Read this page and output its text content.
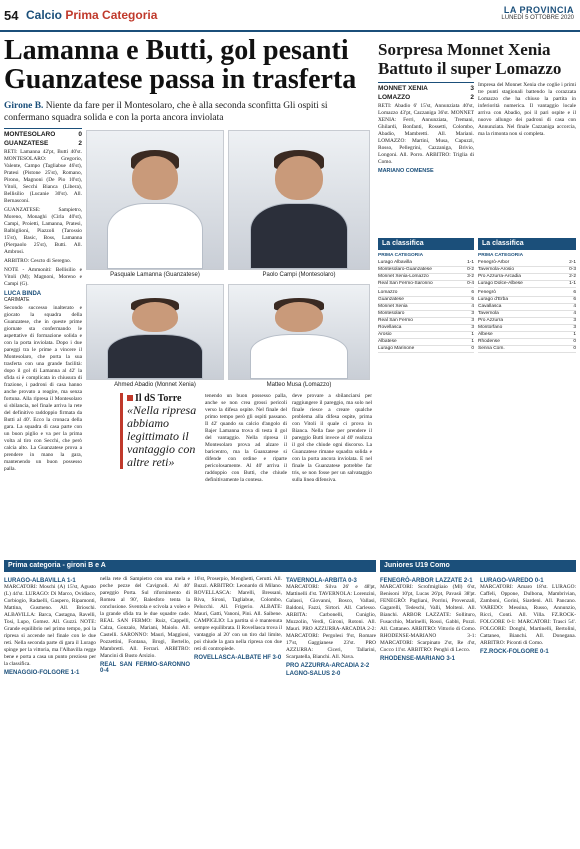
54 Calcio Prima Categoria	LA PROVINCIA
LUNEDÌ 5 OTTOBRE 2020
Lamanna e Butti, gol pesanti Guanzatese passa in trasferta
Girone B. Niente da fare per il Montesolaro, che è alla seconda sconfitta Gli ospiti si confermano squadra solida e con la porta ancora inviolata
MONTESOLARO	0
GUANZATESE	2

RETI: Lamanna 42'pt, Butti 40'st. MONTESOLARO: Gregorio, Valente, Campo (Tagliabue 46'st), Pratesi (Pistone 25'st), Romano, Pirono, Magnoni (De Pio 10'st), Vitoli, Secchi Bianca (Libera), Bellisilio (Lucanie 30'st). All. Bernasconi.

GUANZATESE: Sampietro, Moreno, Monaghi (Cirla 40'st), Campi, Proietti, Lamanna, Pratesi, Balbiglioni, Piazzoli (Tarossio 15'st), Basic, Boss, Lamanna (Pierpaolo 25'st), Butti. All. Ambrosi.

ARBITRO: Cescto di Seregno.

NOTE - Ammoniti: Bellisilio e Vitoli (M); Magnoni, Moreno e Campi (G).

LUCA BINDA

CARIMATE

Secondo successo inalterato e giocato la squadra della Guanzatese, che in queste prime giornate sta confermando le aspettative di formazione solida e con la porta inviolata. Dopo i due pareggi tra le prime a vincere il Montesolaro, che porta la sua trasferta con una grande facilità: dopo il gol di Lamanna al 42' la sfida si è complicata in chiusura di frazione, i padroni di casa hanno anche provato a reagire, ma senza fortuna. Alla ripresa il Montesolaro si sbilancia, nel finale arriva la rete del definitivo raddoppio firmata da Butti al 40'. Ecco la cronaca della gara. La squadra di casa parte con un buon piglio e va per la prima volta al tiro con Secchi, che però calcia alto. La Guanzatese prova a prendere in mano la gara, mantenendo un buon possesso palla.

Pasquale Lamanna (Guanzatese)	Paolo Campi (Montesolaro)
Ahmed Abadio (Monnet Xenia)	Matteo Musa (Lomazzo)
Il dS Torre
«Nella ripresa abbiamo legittimato il vantaggio con altre reti»
tenendo un buon possesso palla, anche se non crea grossi pericoli verso la difesa ospite. Nel finale del primo tempo però gli ospiti passano. Il 42' quando su calcio d'angolo di Bajer Lamanna trova di testa il gol del vantaggio. Nella ripresa il Montesolaro prova ad alzare il baricentro, ma la Guanzatese si difende con ordine e riparte pericolosamente. Al 40' arriva il raddoppio con Butti, che chiude definitivamente la contesa.
deve provare a sbilanciarsi per raggiungere il pareggio, ma solo nel finale riesce a creare qualche problema alla difesa ospite, prima con Vitoli il quale ci prova in Bianca. Nella fase per prendere il pareggio Butti invece al 40' realizza il gol che chiude ogni discorso. La Guanzatese rimane squadra solida e con la porta ancora inviolata. E nel finale la Guanzatese potrebbe far tris, se non fosse per un salvataggio sulla linea difensiva.
Sorpresa Monnet Xenia Battuto il super Lomazzo
MONNET XENIA	3
LOMAZZO	2

RETI: Abadio 6' 15'st, Annunziata 40'st, Lomazzo 43'pt, Cazzaniga 36'st. MONNET XENIA: Ferri, Annunziata, Tremani, Ghilardi, Bonfanti, Rossetti, Colombo, Abadio, Mambretti. All. Mariani. LOMAZZO: Martini, Musa, Capuzzi, Rosso, Pellegrini, Cazzaniga, Brivio, Longoni. All. Porro. ARBITRO: Triglia di Como.

MARIANO COMENSE

Impresa del Monnet Xenia che coglie i primi tre punti stagionali battendo la corazzata Lomazzo che ha chiuso la partita in inferiorità numerica. Il vantaggio locale arriva con Abadio, poi il pari ospite e il nuovo allungo dei padroni di casa con Annunziata. Nel finale Cazzaniga accorcia, ma la rimonta non si completa.
La classifica	La classifica
PRIMA CATEGORIA
Lurago Albavilla	1-1
Montesolaro-Guanzatese	0-2
Monnet Xenia-Lomazzo	3-2
Real San Fermo-Saronno	0-4
Lomazzo	6
Guanzatese	6
Monnet Xenia	4
Montesolaro	3
Real San Fermo	3
Rovellasca	3
Arosio	1
Albatese	1
Lurago Marinone	0
PRIMA CATEGORIA
Fenegrò-Arbor	2-1
Tavernola-Arosio	0-3
Pro Azzurra-Arcadia	2-2
Lurago Dolce-Albese	1-1
Fenegrò	6
Lurago d'Erba	6
Cavallasca	4
Tavernola	4
Pro Azzurra	3
Montorfano	3
Albese	1
Rhodense	0
Senna Com.	0
Prima categoria - gironi B e A	Juniores U19 Como
LURAGO-ALBAVILLA 1-1

MARCATORI: Moschi (A) 15'st, Agusto (L) 44'st. LURAGO: Di Marco, Ovidiaco, Corbiogio, Radaelli, Gaspero, Ripamonti, Mattina, Gusmeno. All. Brioschi. ALBAVILLA: Barca, Castagna, Ravelli, Tosi, Lupo, Gomez. All. Guzzi. NOTE: Grande equilibrio nel primo tempo, poi la ripresa si accende nel finale con le due reti. Nella seconda parte di gara il Lurago spinge per la vittoria, ma l'Albavilla regge bene e porta a casa un punto prezioso per la classifica.

MENAGGIO-FOLGORE 1-1

nella rete di Sampietro con una mela e poche pezze del Cavignoli. Al 40' pareggio Porta. Sul rifornimento di Romea al 90', Balesfoto tenta la conclusione. Sventola e scivola a voleo e la grande sfida tra le due squadre cade. REAL SAN FERMO: Ruiz, Cappelli, Calza, Gonzalo, Mariani, Maiolo. All. Castelli. SARONNO: Mauri, Maggioni, Pozzettini, Fontana, Brogi, Bertello, Mambretti. All. Ferrari. ARBITRO: Mancini di Busto Arsizio.

REAL SAN FERMO-SARONNO 0-4

16'st, Proserpio, Menghetti, Cerutti. All. Buzzi. ARBITRO: Leonardo di Milano. ROVELLASCA: Marelli, Bressani, Riva, Sironi, Tagliabue, Colombo, Pelucchi. All. Frigerio. ALBATE: Mauri, Gatti, Vanoni, Pini. All. Saibene. CAMPIGLIO: La partita si è mantenuta sempre equilibrata. Il Rovellasca trova il vantaggio al 20' con un tiro dal limite, poi chiude la gara nella ripresa con due reti di contropiede.

ROVELLASCA-ALBATE HF 3-0
TAVERNOLA-ARBITA 0-3

MARCATORI: Silva 26' e 48'pt, Mattinelli 4'st. TAVERNOLA: Lorenzini, Galassi, Giovanni, Bosco, Vallasi, Baldoni, Fazzi, Sirtori. All. Carlesso. ARBITA: Carbonelli, Cuniglio, Muzzolin, Verdi, Gironi, Rotoni. All. Mauri. PRO AZZURRA-ARCADIA 2-2: MARCATORI: Pergolesi 9'st, Romare 17'st, Gaggianese 23'st. PRO AZZURRA: Ciceri, Tallarini, Scarpatella, Bianchi. All. Nava.

PRO AZZURRA-ARCADIA 2-2
LAGNO-SALUS 2-0
FENEGRÒ-ARBOR LAZZATE 2-1

MARCATORI: Scrofmigliaio (Ml) 6'st, Benisoni 10'pt, Lucas 26'pt, Pavasii 38'pt. FENEGRÒ: Pagliani, Porrini, Provenzali, Gagarelli, Tedeschi, Valli, Molteni. All. Bianchi. ARBOR LAZZATE: Sollituro, Fusacchio, Marinelli, Rossi, Gabbi, Pozzi. All. Cattaneo. ARBITRO: Vittorio di Como. RHODENSE-MARIANO 3-1: MARCATORI: Scarpinato 2'st, Re 4'st, Cocco 11'st. ARBITRO: Penghi di Lecco.

RHODENSE-MARIANO 3-1
LURAGO-VAREDO 0-1

MARCATORI: Amaro 18'st. LURAGO: Caffeli, Oppone, Dulbona, Mambrivian, Zamboni, Gorini, Siardeni. All. Pancano. VAREDO: Messina, Russo, Annunzio, Ricci, Conti. All. Villa. FZ.ROCK-FOLGORE 0-1: MARCATORI: Trasci 54'. FOLGORE: Donghi, Martinelli, Bertolini, Cattaneo, Bianchi. All. Donegana. ARBITRO: Piconti di Como.

FZ.ROCK-FOLGORE 0-1
